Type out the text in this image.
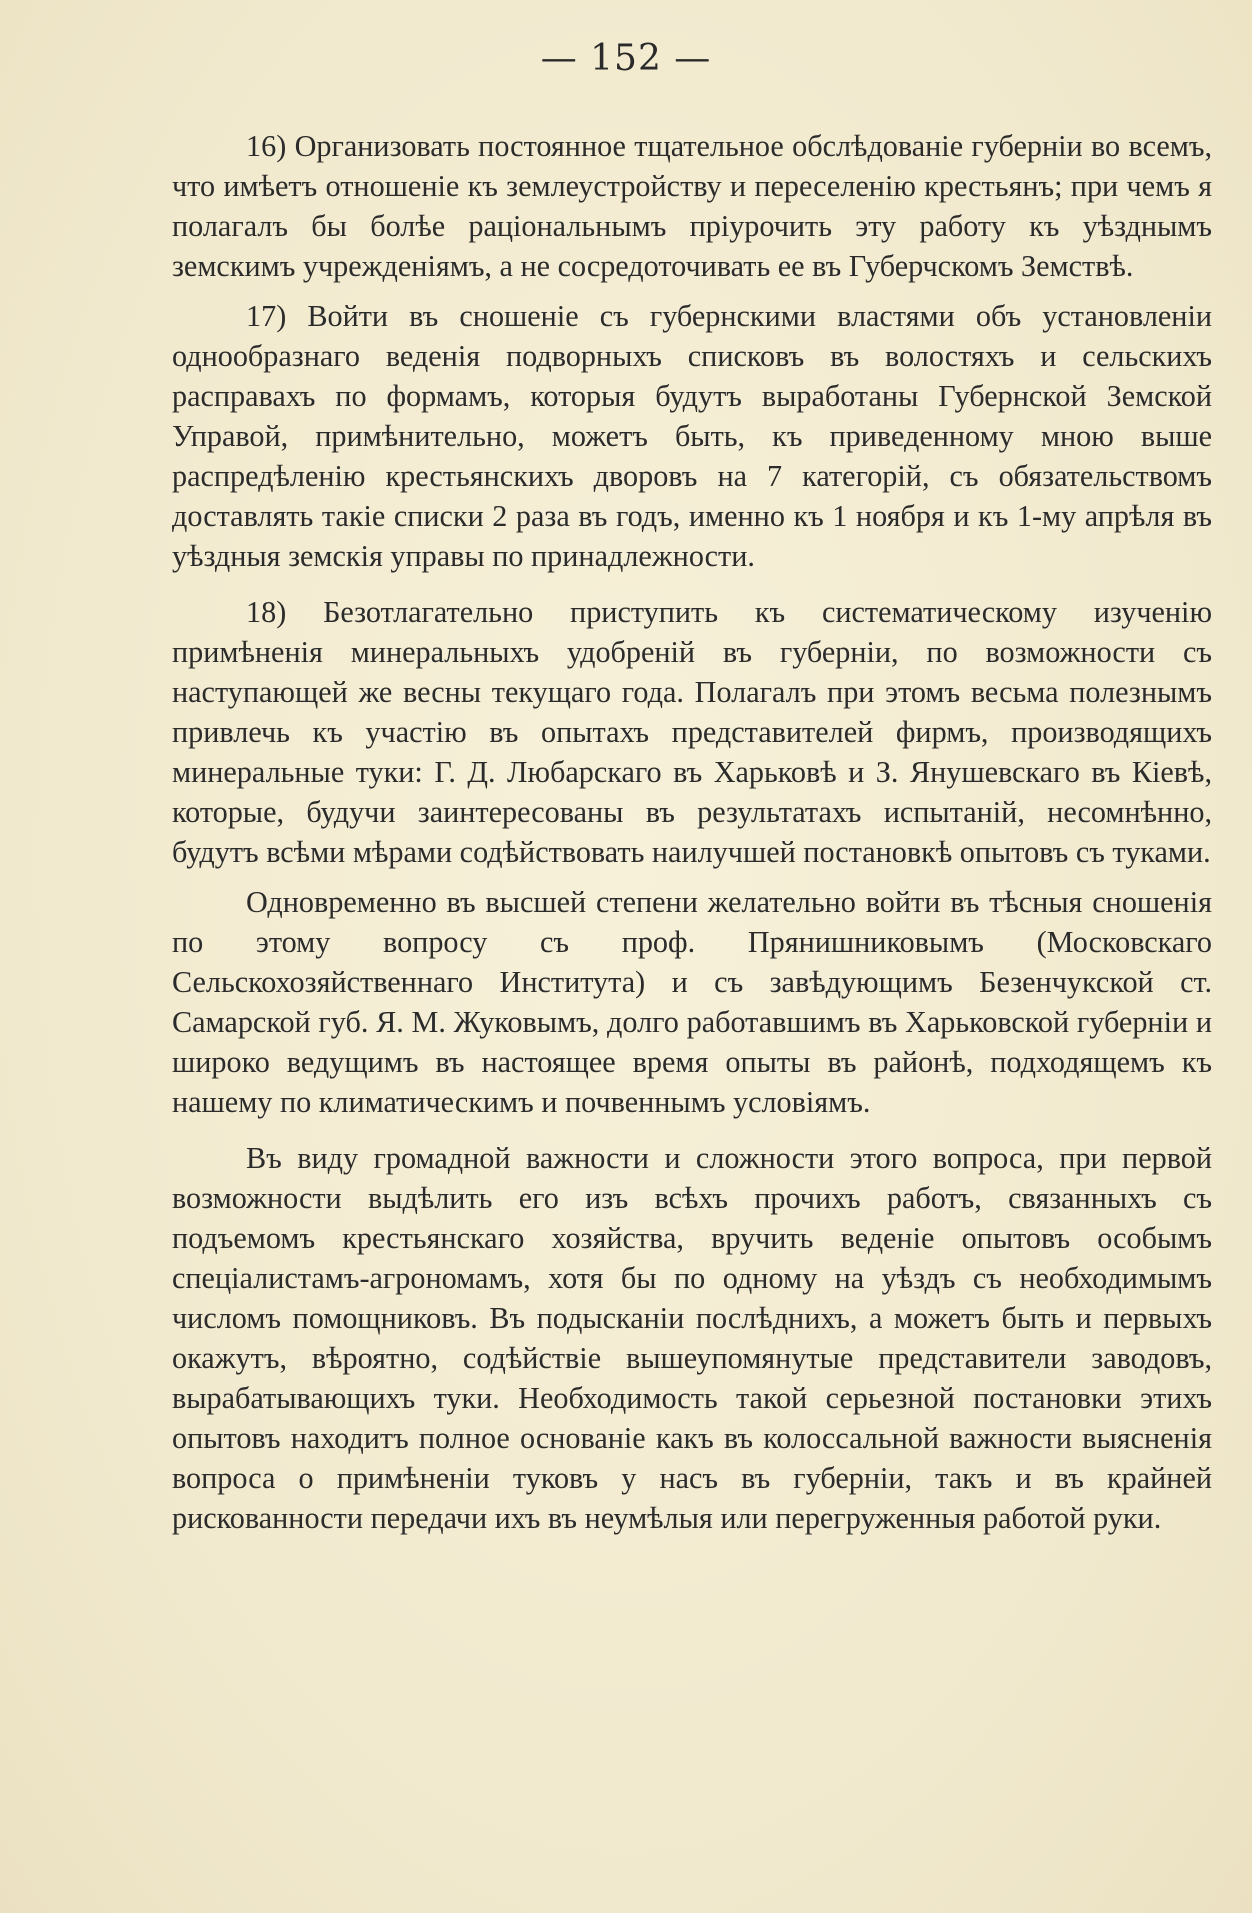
— 152 —

16) Организовать постоянное тщательное обслѣдованіе губерніи во всемъ, что имѣетъ отношеніе къ землеустройству и переселенію крестьянъ; при чемъ я полагалъ бы болѣе раціональнымъ пріурочить эту работу къ уѣзднымъ земскимъ учрежденіямъ, а не сосредоточивать ее въ Губерчскомъ Земствѣ.

17) Войти въ сношеніе съ губернскими властями объ установленіи однообразнаго веденія подворныхъ списковъ въ волостяхъ и сельскихъ расправахъ по формамъ, которыя будутъ выработаны Губернской Земской Управой, примѣнительно, можетъ быть, къ приведенному мною выше распредѣленію крестьянскихъ дворовъ на 7 категорій, съ обязательствомъ доставлять такіе списки 2 раза въ годъ, именно къ 1 ноября и къ 1-му апрѣля въ уѣздныя земскія управы по принадлежности.

18) Безотлагательно приступить къ систематическому изученію примѣненія минеральныхъ удобреній въ губерніи, по возможности съ наступающей же весны текущаго года. Полагалъ при этомъ весьма полезнымъ привлечь къ участію въ опытахъ представителей фирмъ, производящихъ минеральные туки: Г. Д. Любарскаго въ Харьковѣ и З. Янушевскаго въ Кіевѣ, которые, будучи заинтересованы въ результатахъ испытаній, несомнѣнно, будутъ всѣми мѣрами содѣйствовать наилучшей постановкѣ опытовъ съ туками.

Одновременно въ высшей степени желательно войти въ тѣсныя сношенія по этому вопросу съ проф. Прянишниковымъ (Московскаго Сельскохозяйственнаго Института) и съ завѣдующимъ Безенчукской ст. Самарской губ. Я. М. Жуковымъ, долго работавшимъ въ Харьковской губерніи и широко ведущимъ въ настоящее время опыты въ районѣ, подходящемъ къ нашему по климатическимъ и почвеннымъ условіямъ.

Въ виду громадной важности и сложности этого вопроса, при первой возможности выдѣлить его изъ всѣхъ прочихъ работъ, связанныхъ съ подъемомъ крестьянскаго хозяйства, вручить веденіе опытовъ особымъ спеціалистамъ-агрономамъ, хотя бы по одному на уѣздъ съ необходимымъ числомъ помощниковъ. Въ подысканіи послѣднихъ, а можетъ быть и первыхъ окажутъ, вѣроятно, содѣйствіе вышеупомянутые представители заводовъ, вырабатывающихъ туки. Необходимость такой серьезной постановки этихъ опытовъ находитъ полное основаніе какъ въ колоссальной важности выясненія вопроса о примѣненіи туковъ у насъ въ губерніи, такъ и въ крайней рискованности передачи ихъ въ неумѣлыя или перегруженныя работой руки.
